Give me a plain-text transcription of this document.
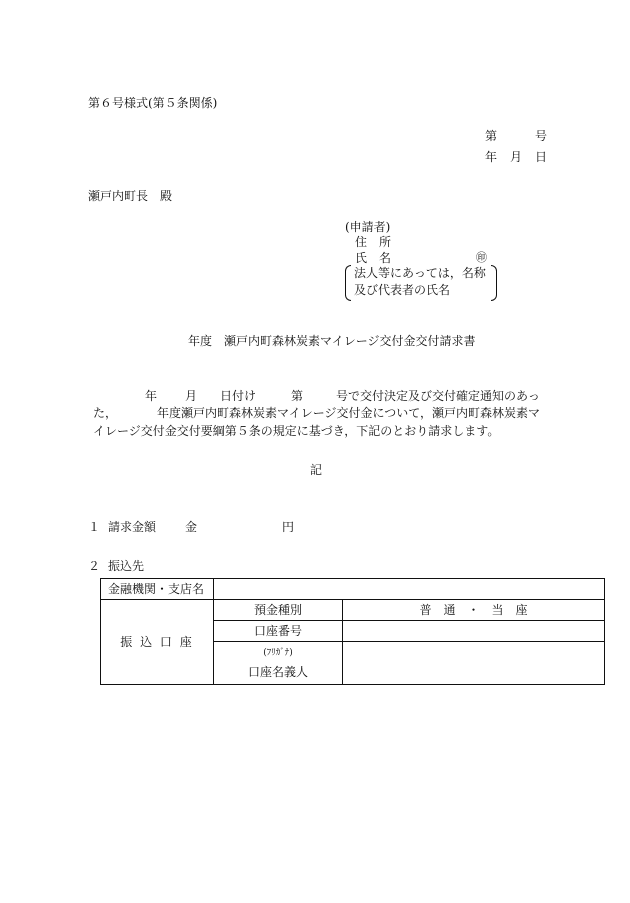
第６号様式(第５条関係)
第	号
年 月 日
瀬戸内町長　殿
(申請者)
住　所
氏　名	㊞
法人等にあっては，名称
及び代表者の氏名
年度　瀬戸内町森林炭素マイレージ交付金交付請求書
年 月 日付け	第	号で交付決定及び交付確定通知のあっ
た，	年度瀬戸内町森林炭素マイレージ交付金について，瀬戸内町森林炭素マ
イレージ交付金交付要綱第５条の規定に基づき，下記のとおり請求します。
記
１ 請求金額 金	円
２ 振込先
金融機関・支店名		
振 込 口 座	預金種別	普　通　・　当　座
	口座番号	

	(ﾌﾘｶﾞﾅ)
口座名義人	
